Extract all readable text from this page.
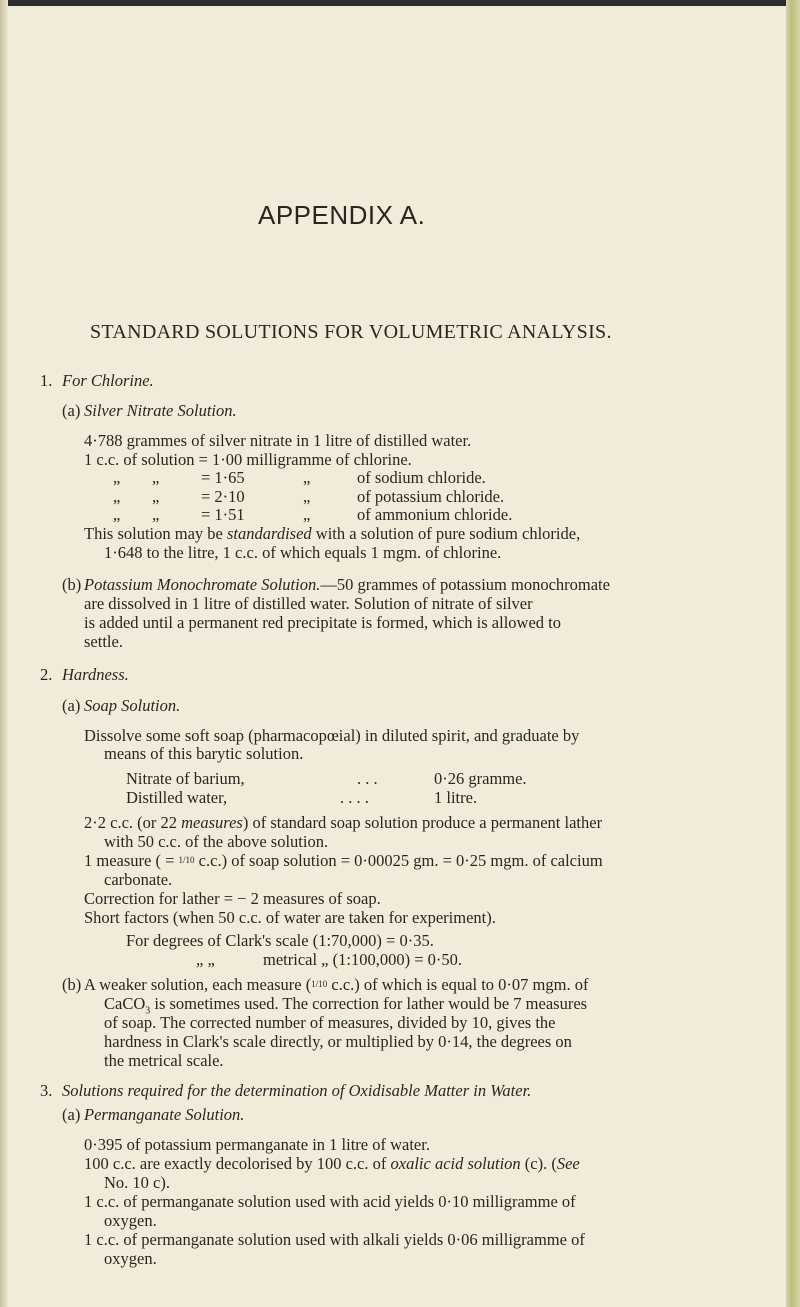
APPENDIX A.
STANDARD SOLUTIONS FOR VOLUMETRIC ANALYSIS.
1. For Chlorine.
(a) Silver Nitrate Solution.
4·788 grammes of silver nitrate in 1 litre of distilled water.
1 c.c. of solution = 1·00 milligramme of chlorine.
„ „	= 1·65	„	of sodium chloride.
„ „	= 2·10	„	of potassium chloride.
„ „	= 1·51	„	of ammonium chloride.
This solution may be standardised with a solution of pure sodium chloride,
1·648 to the litre, 1 c.c. of which equals 1 mgm. of chlorine.
(b) Potassium Monochromate Solution.—50 grammes of potassium monochromate
are dissolved in 1 litre of distilled water. Solution of nitrate of silver
is added until a permanent red precipitate is formed, which is allowed to
settle.
2. Hardness.
(a) Soap Solution.
Dissolve some soft soap (pharmacopœial) in diluted spirit, and graduate by
means of this barytic solution.
Nitrate of barium,	. . .	0·26 gramme.
Distilled water,	. . . .	1 litre.
2·2 c.c. (or 22 measures) of standard soap solution produce a permanent lather
with 50 c.c. of the above solution.
1 measure ( = 1/10 c.c.) of soap solution = 0·00025 gm. = 0·25 mgm. of calcium
carbonate.
Correction for lather = − 2 measures of soap.
Short factors (when 50 c.c. of water are taken for experiment).
For degrees of Clark's scale (1:70,000) = 0·35.
„ „	metrical „ (1:100,000) = 0·50.
(b) A weaker solution, each measure (1/10 c.c.) of which is equal to 0·07 mgm. of
CaCO$_3$ is sometimes used. The correction for lather would be 7 measures
of soap. The corrected number of measures, divided by 10, gives the
hardness in Clark's scale directly, or multiplied by 0·14, the degrees on
the metrical scale.
3. Solutions required for the determination of Oxidisable Matter in Water.
(a) Permanganate Solution.
0·395 of potassium permanganate in 1 litre of water.
100 c.c. are exactly decolorised by 100 c.c. of oxalic acid solution (c). (See
No. 10 c).
1 c.c. of permanganate solution used with acid yields 0·10 milligramme of
oxygen.
1 c.c. of permanganate solution used with alkali yields 0·06 milligramme of
oxygen.
